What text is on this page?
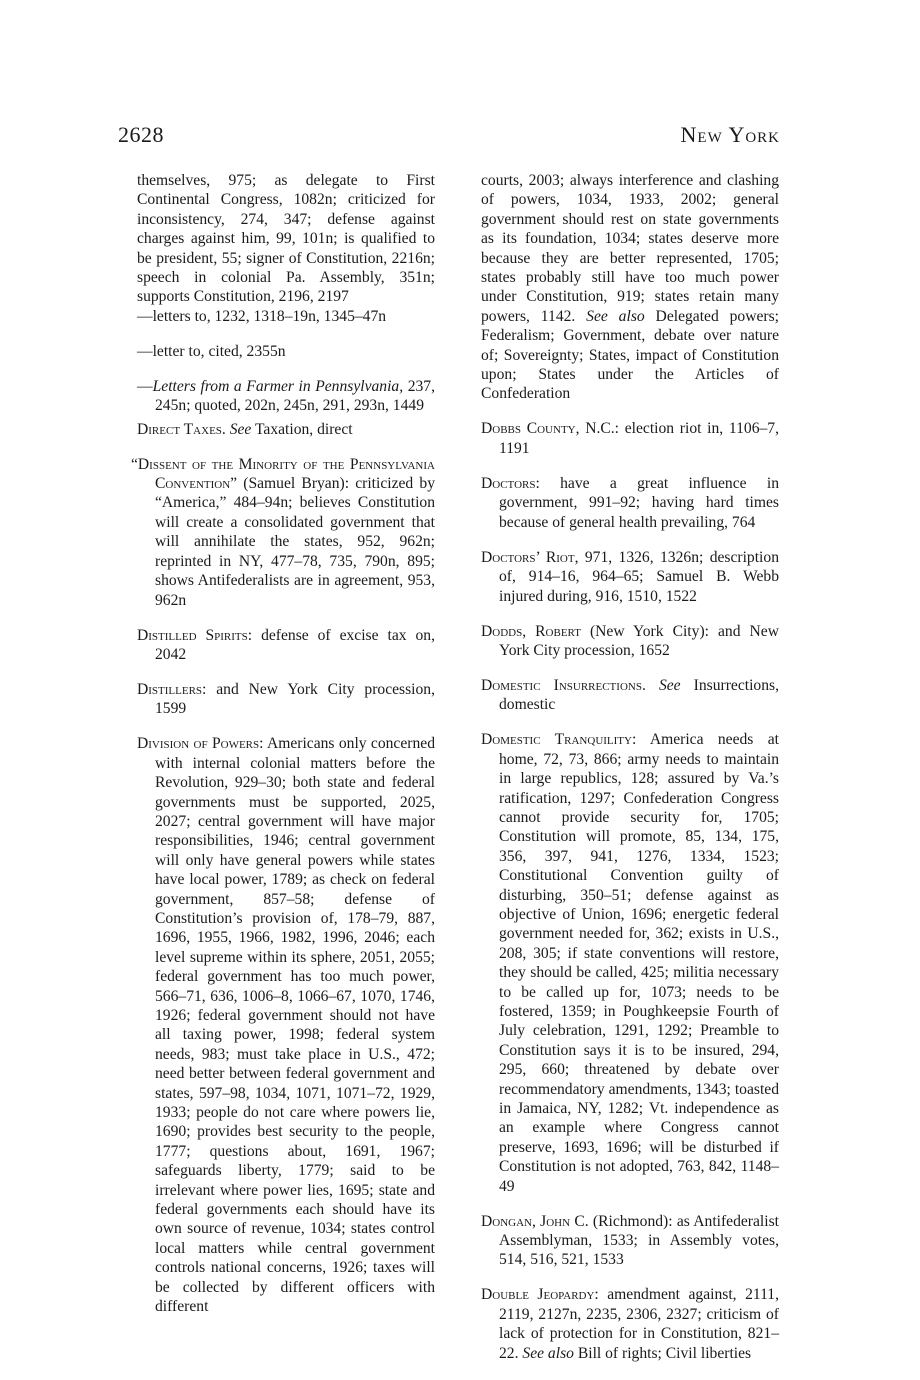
2628	New York

themselves, 975; as delegate to First Continental Congress, 1082n; criticized for inconsistency, 274, 347; defense against charges against him, 99, 101n; is qualified to be president, 55; signer of Constitution, 2216n; speech in colonial Pa. Assembly, 351n; supports Constitution, 2196, 2197

—letters to, 1232, 1318–19n, 1345–47n

—letter to, cited, 2355n

—Letters from a Farmer in Pennsylvania, 237, 245n; quoted, 202n, 245n, 291, 293n, 1449

Direct Taxes. See Taxation, direct

“Dissent of the Minority of the Pennsylvania Convention” (Samuel Bryan): criticized by “America,” 484–94n; believes Constitution will create a consolidated government that will annihilate the states, 952, 962n; reprinted in NY, 477–78, 735, 790n, 895; shows Antifederalists are in agreement, 953, 962n

Distilled Spirits: defense of excise tax on, 2042

Distillers: and New York City procession, 1599

Division of Powers: Americans only concerned with internal colonial matters before the Revolution, 929–30; both state and federal governments must be supported, 2025, 2027; central government will have major responsibilities, 1946; central government will only have general powers while states have local power, 1789; as check on federal government, 857–58; defense of Constitution’s provision of, 178–79, 887, 1696, 1955, 1966, 1982, 1996, 2046; each level supreme within its sphere, 2051, 2055; federal government has too much power, 566–71, 636, 1006–8, 1066–67, 1070, 1746, 1926; federal government should not have all taxing power, 1998; federal system needs, 983; must take place in U.S., 472; need better between federal government and states, 597–98, 1034, 1071, 1071–72, 1929, 1933; people do not care where powers lie, 1690; provides best security to the people, 1777; questions about, 1691, 1967; safeguards liberty, 1779; said to be irrelevant where power lies, 1695; state and federal governments each should have its own source of revenue, 1034; states control local matters while central government controls national concerns, 1926; taxes will be collected by different officers with different

courts, 2003; always interference and clashing of powers, 1034, 1933, 2002; general government should rest on state governments as its foundation, 1034; states deserve more because they are better represented, 1705; states probably still have too much power under Constitution, 919; states retain many powers, 1142. See also Delegated powers; Federalism; Government, debate over nature of; Sovereignty; States, impact of Constitution upon; States under the Articles of Confederation

Dobbs County, N.C.: election riot in, 1106–7, 1191

Doctors: have a great influence in government, 991–92; having hard times because of general health prevailing, 764

Doctors’ Riot, 971, 1326, 1326n; description of, 914–16, 964–65; Samuel B. Webb injured during, 916, 1510, 1522

Dodds, Robert (New York City): and New York City procession, 1652

Domestic Insurrections. See Insurrections, domestic

Domestic Tranquility: America needs at home, 72, 73, 866; army needs to maintain in large republics, 128; assured by Va.’s ratification, 1297; Confederation Congress cannot provide security for, 1705; Constitution will promote, 85, 134, 175, 356, 397, 941, 1276, 1334, 1523; Constitutional Convention guilty of disturbing, 350–51; defense against as objective of Union, 1696; energetic federal government needed for, 362; exists in U.S., 208, 305; if state conventions will restore, they should be called, 425; militia necessary to be called up for, 1073; needs to be fostered, 1359; in Poughkeepsie Fourth of July celebration, 1291, 1292; Preamble to Constitution says it is to be insured, 294, 295, 660; threatened by debate over recommendatory amendments, 1343; toasted in Jamaica, NY, 1282; Vt. independence as an example where Congress cannot preserve, 1693, 1696; will be disturbed if Constitution is not adopted, 763, 842, 1148–49

Dongan, John C. (Richmond): as Antifederalist Assemblyman, 1533; in Assembly votes, 514, 516, 521, 1533

Double Jeopardy: amendment against, 2111, 2119, 2127n, 2235, 2306, 2327; criticism of lack of protection for in Constitution, 821–22. See also Bill of rights; Civil liberties
